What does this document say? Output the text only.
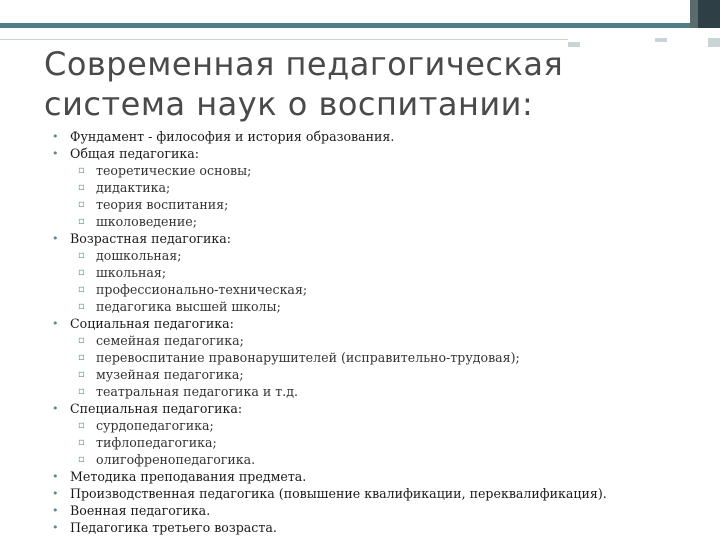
Современная педагогическая
система наук о воспитании:
• Фундамент - философия и история образования.
• Общая педагогика:
▫ теоретические основы;
▫ дидактика;
▫ теория воспитания;
▫ школоведение;
• Возрастная педагогика:
▫ дошкольная;
▫ школьная;
▫ профессионально-техническая;
▫ педагогика высшей школы;
• Социальная педагогика:
▫ семейная педагогика;
▫ перевоспитание правонарушителей (исправительно-трудовая);
▫ музейная педагогика;
▫ театральная педагогика и т.д.
• Специальная педагогика:
▫ сурдопедагогика;
▫ тифлопедагогика;
▫ олигофренопедагогика.
• Методика преподавания предмета.
• Производственная педагогика (повышение квалификации, переквалификация).
• Военная педагогика.
• Педагогика третьего возраста.
